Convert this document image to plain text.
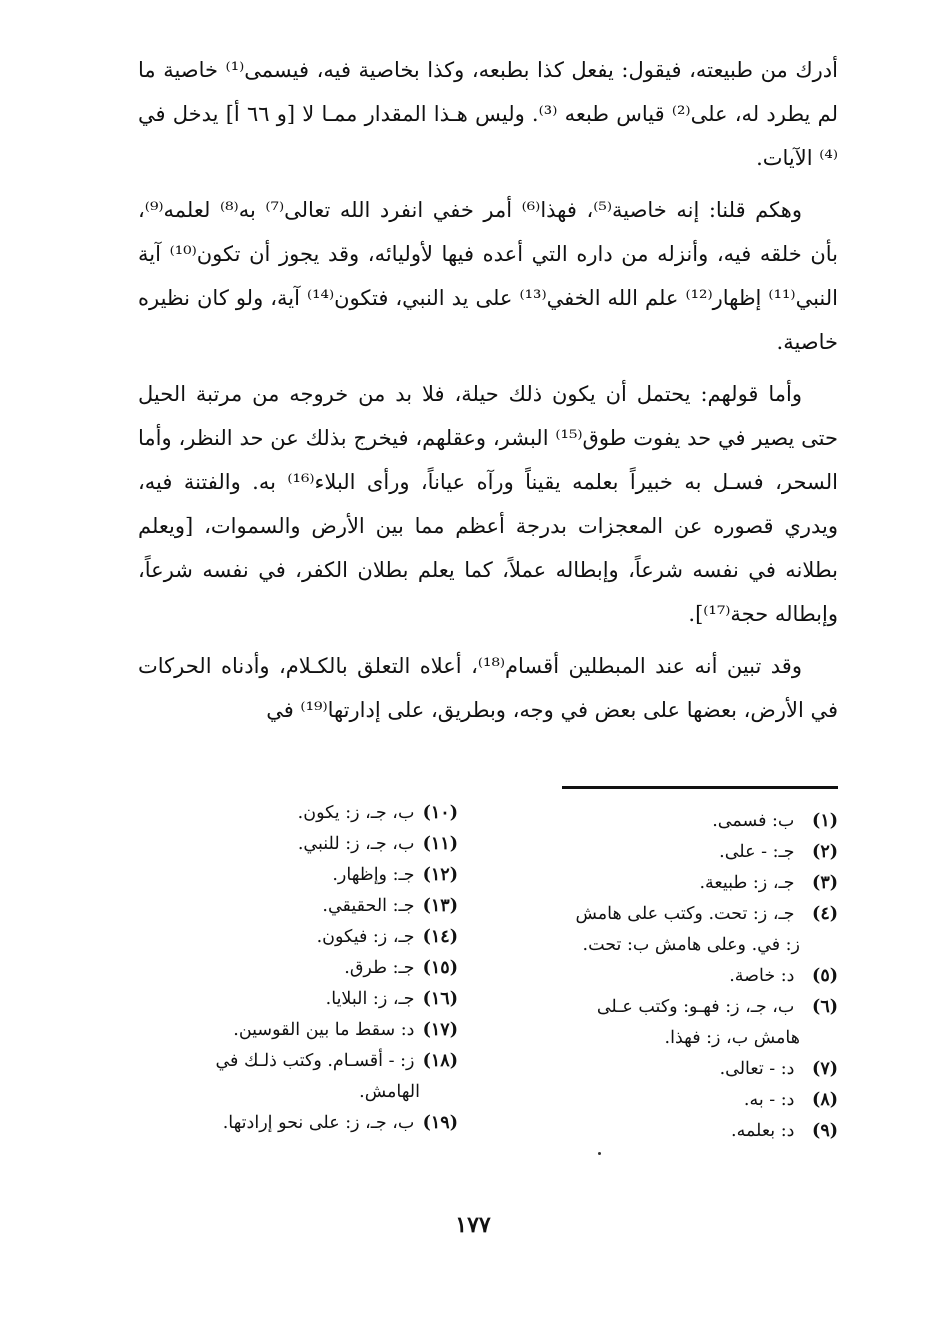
أدرك من طبيعته، فيقول: يفعل كذا بطبعه، وكذا بخاصية فيه، فيسمى⁽¹⁾ خاصية ما لم يطرد له، على⁽²⁾ قياس طبعه ⁽³⁾. وليس هـذا المقدار ممـا لا [و ٦٦ أ] يدخل في ⁽⁴⁾ الآيات.

وهكم قلنا: إنه خاصية⁽⁵⁾، فهذا⁽⁶⁾ أمر خفي انفرد الله تعالى⁽⁷⁾ به⁽⁸⁾ لعلمه⁽⁹⁾، بأن خلقه فيه، وأنزله من داره التي أعده فيها لأوليائه، وقد يجوز أن تكون⁽¹⁰⁾ آية النبي⁽¹¹⁾ إظهار⁽¹²⁾ علم الله الخفي⁽¹³⁾ على يد النبي، فتكون⁽¹⁴⁾ آية، ولو كان نظيره خاصية.

وأما قولهم: يحتمل أن يكون ذلك حيلة، فلا بد من خروجه من مرتبة الحيل حتى يصير في حد يفوت طوق⁽¹⁵⁾ البشر، وعقلهم، فيخرج بذلك عن حد النظر، وأما السحر، فسـل به خبيراً بعلمه يقيناً ورآه عياناً، ورأى البلاء⁽¹⁶⁾ به. والفتنة فيه، ويدري قصوره عن المعجزات بدرجة أعظم مما بين الأرض والسموات، [ويعلم بطلانه في نفسه شرعاً، وإبطاله عملاً، كما يعلم بطلان الكفر، في نفسه شرعاً، وإبطاله حجة⁽¹⁷⁾].

وقد تبين أنه عند المبطلين أقسام⁽¹⁸⁾، أعلاه التعلق بالكـلام، وأدناه الحركات في الأرض، بعضها على بعض في وجه، وبطريق، على إدارتها⁽¹⁹⁾ في

(١) ب: فسمى.
(٢) جـ: - على.
(٣) جـ، ز: طبيعة.
(٤) جـ، ز: تحت. وكتب على هامش
ز: في. وعلى هامش ب: تحت.
(٥) د: خاصة.
(٦) ب، جـ، ز: فهـو: وكتب عـلى
هامش ب، ز: فهذا.
(٧) د: - تعالى.
(٨) د: - به.
(٩) د: بعلمه.
(١٠) ب، جـ، ز: يكون.
(١١) ب، جـ، ز: للنبي.
(١٢) جـ: وإظهار.
(١٣) جـ: الحقيقي.
(١٤) جـ، ز: فيكون.
(١٥) جـ: طرق.
(١٦) جـ، ز: البلايا.
(١٧) د: سقط ما بين القوسين.
(١٨) ز: - أقسـام. وكتب ذلـك في
الهامش.
(١٩) ب، جـ، ز: على نحو إرادتها.
١٧٧
